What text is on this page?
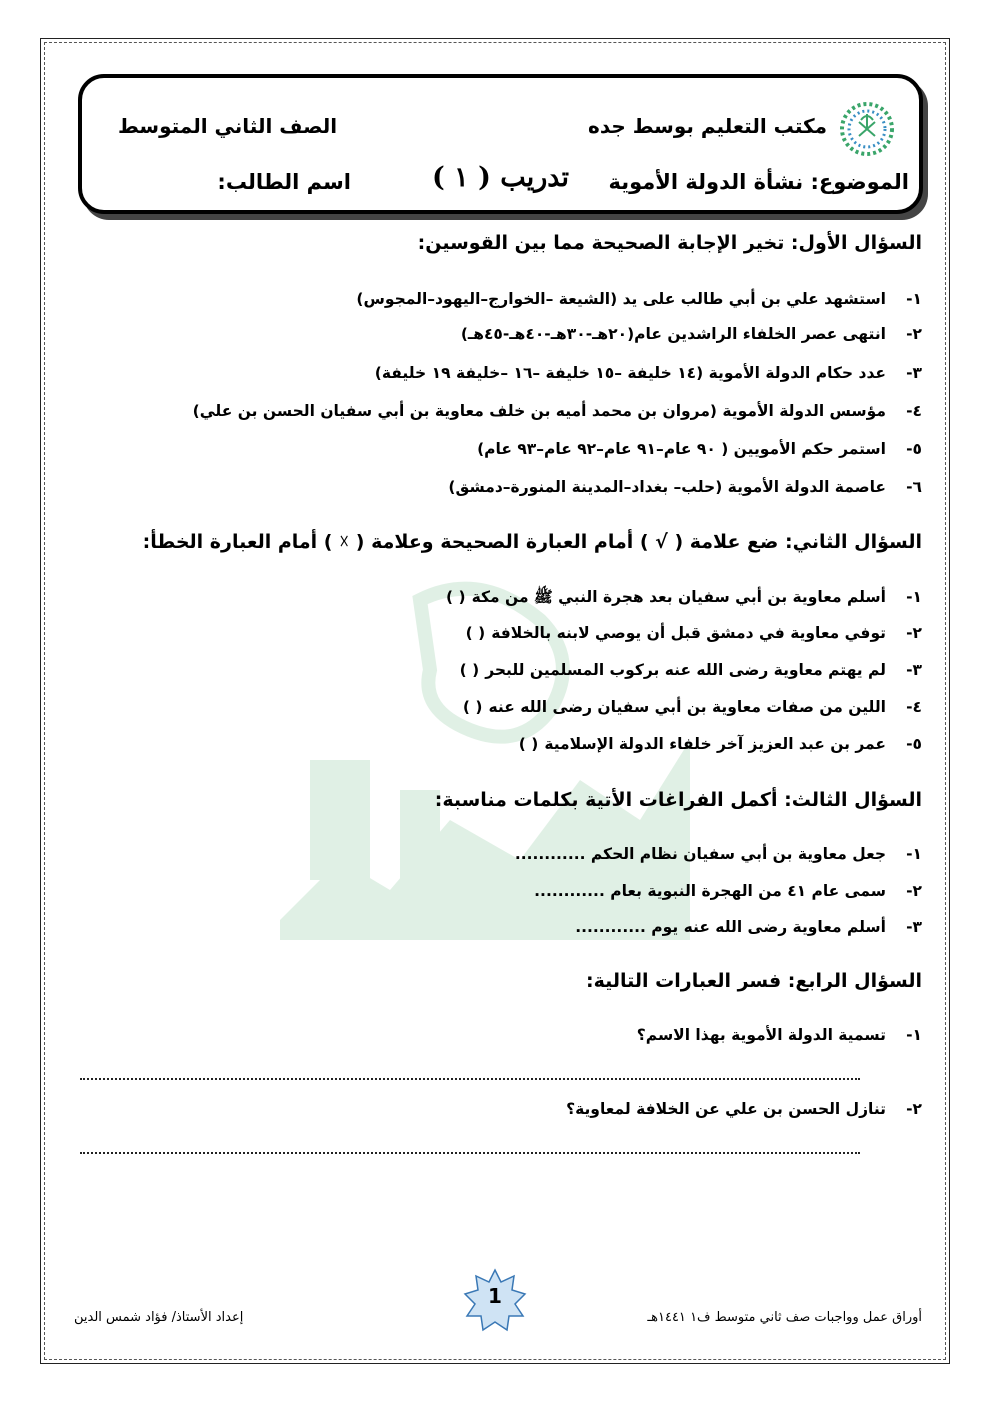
مكتب التعليم بوسط جده
الصف الثاني المتوسط
الموضوع: نشأة الدولة الأموية
تدريب ( ١ )
اسم الطالب:
السؤال الأول: تخير الإجابة الصحيحة مما بين القوسين:
١-استشهد علي بن أبي طالب على يد (الشيعة –الخوارج–اليهود–المجوس)
٢-انتهى عصر الخلفاء الراشدين عام(٢٠هـ-٣٠هـ-٤٠هـ-٤٥هـ)
٣-عدد حكام الدولة الأموية (١٤ خليفة –١٥ خليفة –١٦ –خليفة ١٩ خليفة)
٤-مؤسس الدولة الأموية (مروان بن محمد أميه بن خلف معاوية بن أبي سفيان الحسن بن علي)
٥-استمر حكم الأمويين ( ٩٠ عام–٩١ عام–٩٢ عام–٩٣ عام)
٦-عاصمة الدولة الأموية (حلب– بغداد–المدينة المنورة–دمشق)
السؤال الثاني: ضع علامة ( √ ) أمام العبارة الصحيحة وعلامة ( ☓ ) أمام العبارة الخطأ:
١-أسلم معاوية بن أبي سفيان بعد هجرة النبي ﷺ من مكة( )
٢-توفي معاوية في دمشق قبل أن يوصي لابنه بالخلافة( )
٣-لم يهتم معاوية رضى الله عنه بركوب المسلمين للبحر( )
٤-اللين من صفات معاوية بن أبي سفيان رضى الله عنه( )
٥-عمر بن عبد العزيز آخر خلفاء الدولة الإسلامية( )
السؤال الثالث: أكمل الفراغات الأتية بكلمات مناسبة:
١-جعل معاوية بن أبي سفيان نظام الحكم ............
٢-سمى عام ٤١ من الهجرة النبوية بعام ............
٣-أسلم معاوية رضى الله عنه يوم ............
السؤال الرابع: فسر العبارات التالية:
١-تسمية الدولة الأموية بهذا الاسم؟
٢-تنازل الحسن بن علي عن الخلافة لمعاوية؟
1
أوراق عمل وواجبات صف ثاني متوسط ف١ ١٤٤١هـ
إعداد الأستاذ/ فؤاد شمس الدين
